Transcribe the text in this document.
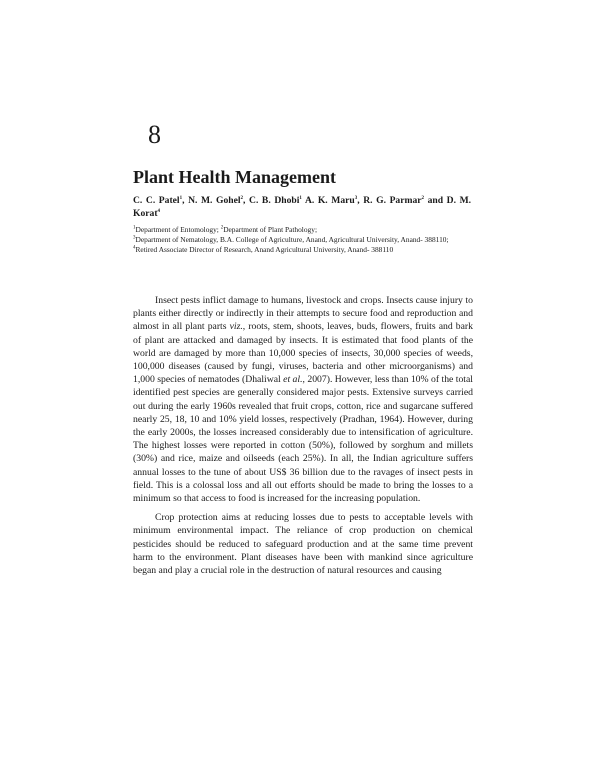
8
Plant Health Management
C. C. Patel$^1$, N. M. Gohel$^2$, C. B. Dhobi$^1$ A. K. Maru$^3$, R. G. Parmar$^2$ and D. M. Korat$^4$

$^1$Department of Entomology; $^2$Department of Plant Pathology;

$^3$Department of Nematology, B.A. College of Agriculture, Anand, Agricultural University, Anand- 388110;

$^4$Retired Associate Director of Research, Anand Agricultural University, Anand- 388110

Insect pests inflict damage to humans, livestock and crops. Insects cause injury to plants either directly or indirectly in their attempts to secure food and reproduction and almost in all plant parts viz., roots, stem, shoots, leaves, buds, flowers, fruits and bark of plant are attacked and damaged by insects. It is estimated that food plants of the world are damaged by more than 10,000 species of insects, 30,000 species of weeds, 100,000 diseases (caused by fungi, viruses, bacteria and other microorganisms) and 1,000 species of nematodes (Dhaliwal et al., 2007). However, less than 10% of the total identified pest species are generally considered major pests. Extensive surveys carried out during the early 1960s revealed that fruit crops, cotton, rice and sugarcane suffered nearly 25, 18, 10 and 10% yield losses, respectively (Pradhan, 1964). However, during the early 2000s, the losses increased considerably due to intensification of agriculture. The highest losses were reported in cotton (50%), followed by sorghum and millets (30%) and rice, maize and oilseeds (each 25%). In all, the Indian agriculture suffers annual losses to the tune of about US$ 36 billion due to the ravages of insect pests in field. This is a colossal loss and all out efforts should be made to bring the losses to a minimum so that access to food is increased for the increasing population.

Crop protection aims at reducing losses due to pests to acceptable levels with minimum environmental impact. The reliance of crop production on chemical pesticides should be reduced to safeguard production and at the same time prevent harm to the environment. Plant diseases have been with mankind since agriculture began and play a crucial role in the destruction of natural resources and causing
